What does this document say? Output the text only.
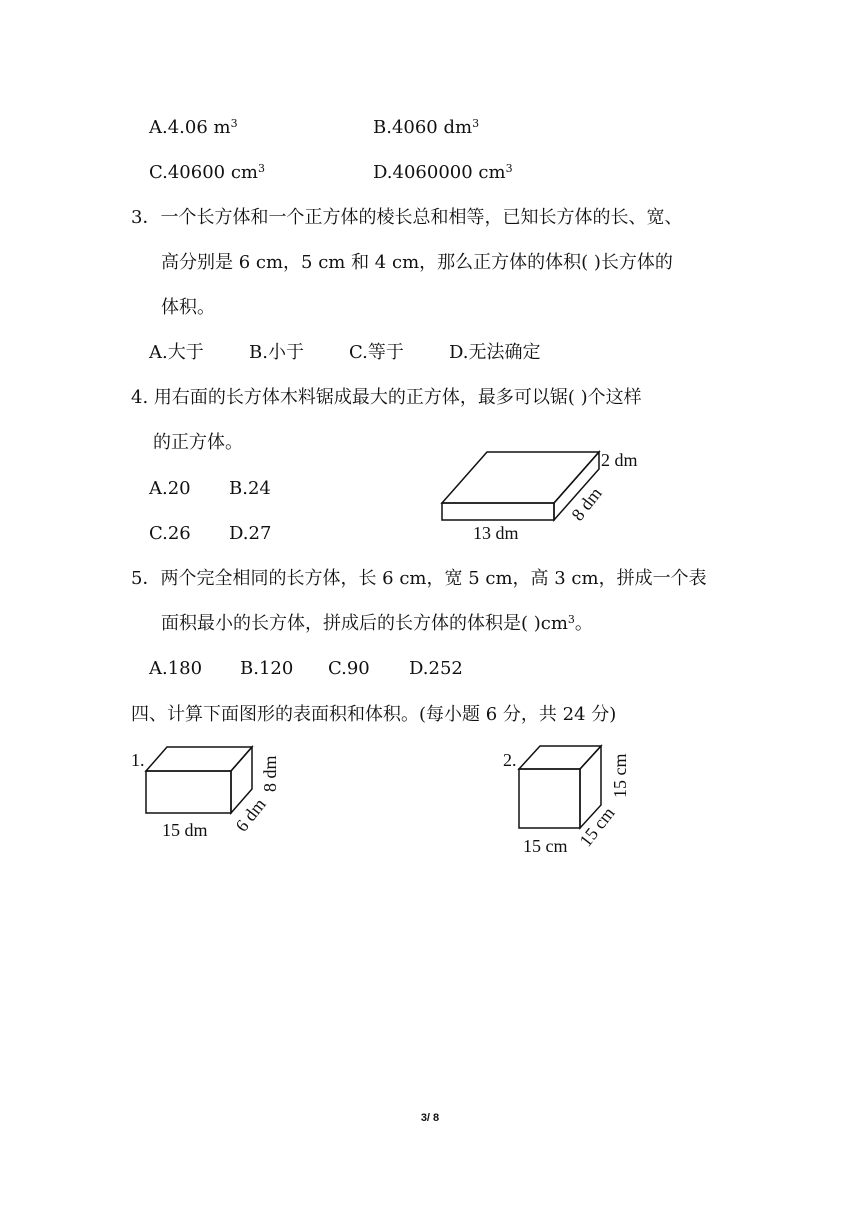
A.4.06 $m^3$	B.4060 $dm^3$
C.40600 $cm^3$	D.4060000 $cm^3$
3．一个长方体和一个正方体的棱长总和相等，已知长方体的长、宽、
高分别是 6 cm，5 cm 和 4 cm，那么正方体的体积( )长方体的
体积。
A.大于	B.小于	C.等于	D.无法确定
4. 用右面的长方体木料锯成最大的正方体，最多可以锯( )个这样
的正方体。
A.20 B.24
C.26 D.27
2 dm
8 dm
13 dm
5．两个完全相同的长方体，长 6 cm，宽 5 cm，高 3 cm，拼成一个表
面积最小的长方体，拼成后的长方体的体积是( )$cm^3$。
A.180 B.120 C.90 D.252
四、计算下面图形的表面积和体积。(每小题 6 分，共 24 分)
1.	2.
15 dm 6 dm
8 dm
15 cm 15 cm
15 cm
3/ 8
